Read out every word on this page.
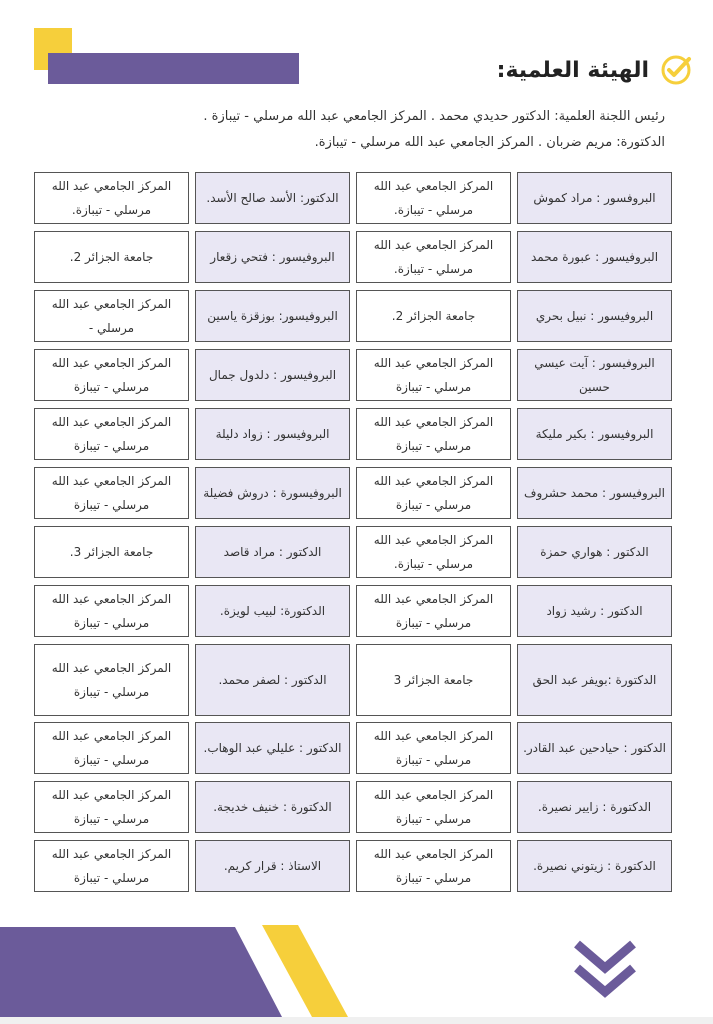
الهيئة العلمية:
رئيس اللجنة العلمية: الدكتور حديدي محمد . المركز الجامعي عبد الله مرسلي - تيبازة .
الدكتورة: مريم ضربان . المركز الجامعي عبد الله مرسلي - تيبازة.
البروفسور : مراد كموش
المركز الجامعي عبد الله مرسلي - تيبازة.
الدكتور: الأسد صالح الأسد.
المركز الجامعي عبد الله مرسلي - تيبازة.
البروفيسور : عبورة محمد
المركز الجامعي عبد الله مرسلي - تيبازة.
البروفيسور : فتحي زقعار
جامعة الجزائر 2.
البروفيسور : نبيل بحري
جامعة الجزائر 2.
البروفيسور: بوزقزة ياسين
المركز الجامعي عبد الله مرسلي -
البروفيسور : آيت عيسي حسين
المركز الجامعي عبد الله مرسلي - تيبازة
البروفيسور : دلدول جمال
المركز الجامعي عبد الله مرسلي - تيبازة
البروفيسور : بكير مليكة
المركز الجامعي عبد الله مرسلي - تيبازة
البروفيسور : زواد دليلة
المركز الجامعي عبد الله مرسلي - تيبازة
البروفيسور : محمد حشروف
المركز الجامعي عبد الله مرسلي - تيبازة
البروفيسورة : دروش فضيلة
المركز الجامعي عبد الله مرسلي - تيبازة
الدكتور : هواري حمزة
المركز الجامعي عبد الله مرسلي - تيبازة.
الدكتور : مراد قاصد
جامعة الجزائر 3.
الدكتور : رشيد زواد
المركز الجامعي عبد الله مرسلي - تيبازة
الدكتورة: لبيب لويزة.
المركز الجامعي عبد الله مرسلي - تيبازة
الدكتورة :بويفر عبد الحق
جامعة الجزائر 3
الدكتور : لصفر محمد.
المركز الجامعي عبد الله مرسلي - تيبازة
الدكتور : حيادحين عبد القادر.
المركز الجامعي عبد الله مرسلي - تيبازة
الدكتور : عليلي عبد الوهاب.
المركز الجامعي عبد الله مرسلي - تيبازة
الدكتورة : زايير نصيرة.
المركز الجامعي عبد الله مرسلي - تيبازة
الدكتورة : خنيف خديجة.
المركز الجامعي عبد الله مرسلي - تيبازة
الدكتورة : زيتوني نصيرة.
المركز الجامعي عبد الله مرسلي - تيبازة
الاستاذ : قرار كريم.
المركز الجامعي عبد الله مرسلي - تيبازة
